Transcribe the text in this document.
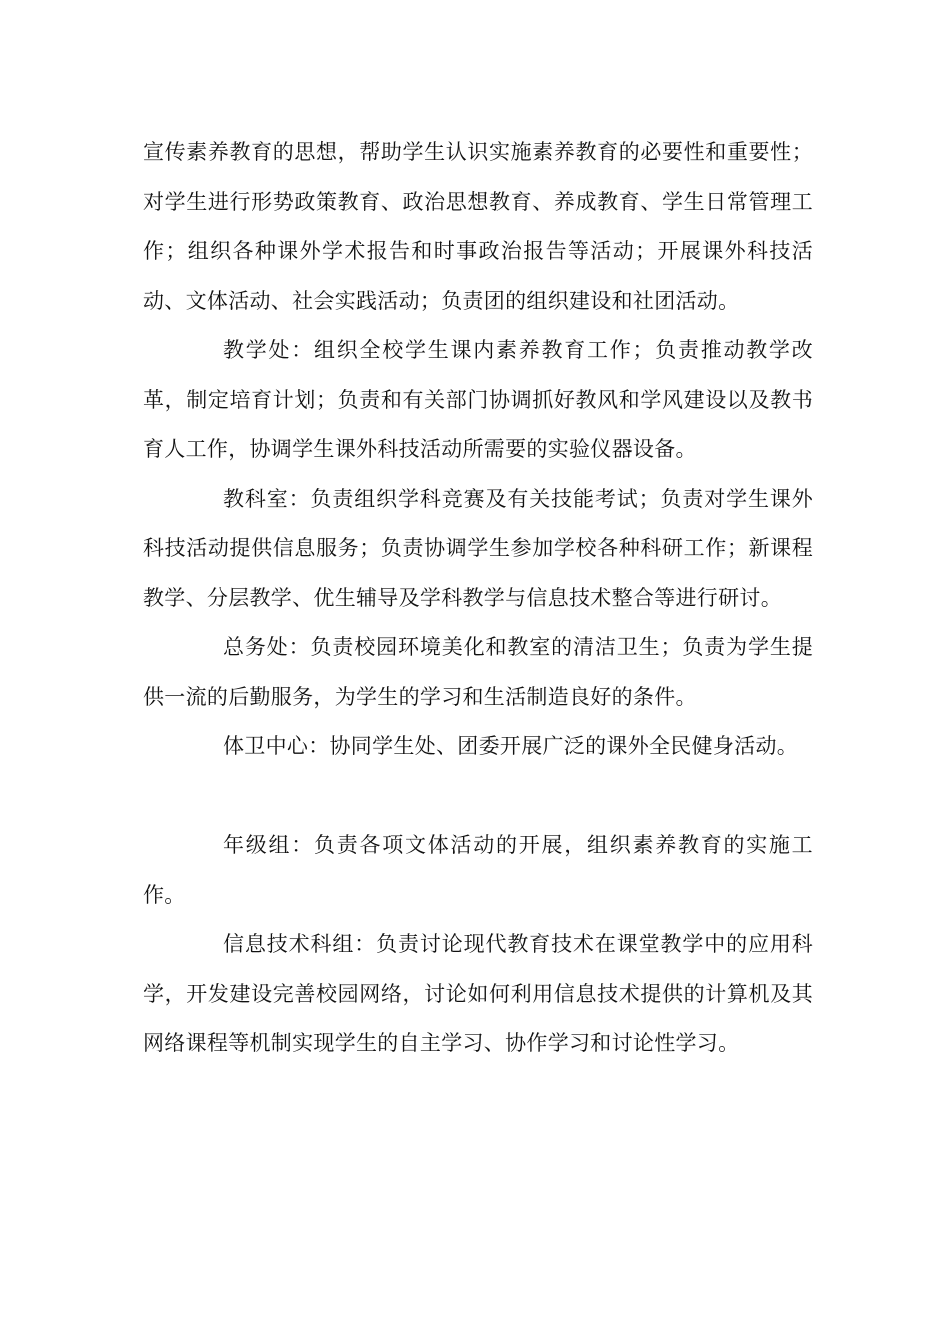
宣传素养教育的思想，帮助学生认识实施素养教育的必要性和重要性；对学生进行形势政策教育、政治思想教育、养成教育、学生日常管理工作；组织各种课外学术报告和时事政治报告等活动；开展课外科技活动、文体活动、社会实践活动；负责团的组织建设和社团活动。

教学处：组织全校学生课内素养教育工作；负责推动教学改革，制定培育计划；负责和有关部门协调抓好教风和学风建设以及教书育人工作，协调学生课外科技活动所需要的实验仪器设备。

教科室：负责组织学科竞赛及有关技能考试；负责对学生课外科技活动提供信息服务；负责协调学生参加学校各种科研工作；新课程教学、分层教学、优生辅导及学科教学与信息技术整合等进行研讨。

总务处：负责校园环境美化和教室的清洁卫生；负责为学生提供一流的后勤服务，为学生的学习和生活制造良好的条件。

体卫中心：协同学生处、团委开展广泛的课外全民健身活动。

年级组：负责各项文体活动的开展，组织素养教育的实施工作。

信息技术科组：负责讨论现代教育技术在课堂教学中的应用科学，开发建设完善校园网络，讨论如何利用信息技术提供的计算机及其网络课程等机制实现学生的自主学习、协作学习和讨论性学习。
